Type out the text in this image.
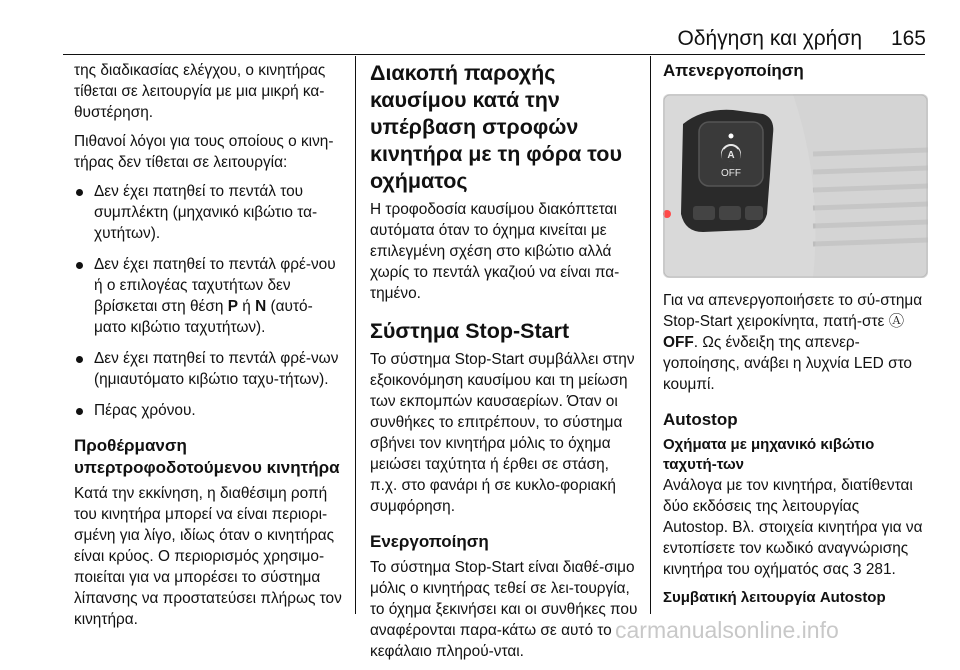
Οδήγηση και χρήση 165

της διαδικασίας ελέγχου, ο κινητήρας τίθεται σε λειτουργία με μια μικρή κα-θυστέρηση.

Πιθανοί λόγοι για τους οποίους ο κινη-τήρας δεν τίθεται σε λειτουργία:

Δεν έχει πατηθεί το πεντάλ του συμπλέκτη (μηχανικό κιβώτιο τα-χυτήτων).
Δεν έχει πατηθεί το πεντάλ φρέ-νου ή ο επιλογέας ταχυτήτων δεν βρίσκεται στη θέση P ή N (αυτό-ματο κιβώτιο ταχυτήτων).
Δεν έχει πατηθεί το πεντάλ φρέ-νων (ημιαυτόματο κιβώτιο ταχυ-τήτων).
Πέρας χρόνου.
Προθέρμανση
υπερτροφοδοτούμενου κινητήρα

Κατά την εκκίνηση, η διαθέσιμη ροπή του κινητήρα μπορεί να είναι περιορι-σμένη για λίγο, ιδίως όταν ο κινητήρας είναι κρύος. Ο περιορισμός χρησιμο-ποιείται για να μπορέσει το σύστημα λίπανσης να προστατεύσει πλήρως τον κινητήρα.

Διακοπή παροχής καυσίμου κατά την υπέρβαση στροφών κινητήρα με τη φόρα του οχήματος

Η τροφοδοσία καυσίμου διακόπτεται αυτόματα όταν το όχημα κινείται με επιλεγμένη σχέση στο κιβώτιο αλλά χωρίς το πεντάλ γκαζιού να είναι πα-τημένο.

Σύστημα Stop-Start

Το σύστημα Stop-Start συμβάλλει στην εξοικονόμηση καυσίμου και τη μείωση των εκπομπών καυσαερίων. Όταν οι συνθήκες το επιτρέπουν, το σύστημα σβήνει τον κινητήρα μόλις το όχημα μειώσει ταχύτητα ή έρθει σε στάση, π.χ. στο φανάρι ή σε κυκλο-φοριακή συμφόρηση.

Ενεργοποίηση

Το σύστημα Stop-Start είναι διαθέ-σιμο μόλις ο κινητήρας τεθεί σε λει-τουργία, το όχημα ξεκινήσει και οι συνθήκες που αναφέρονται παρα-κάτω σε αυτό το κεφάλαιο πληρού-νται.

Απενεργοποίηση
A
OFF

Για να απενεργοποιήσετε το σύ-στημα Stop-Start χειροκίνητα, πατή-στε Ⓐ OFF. Ως ένδειξη της απενερ-γοποίησης, ανάβει η λυχνία LED στο κουμπί.

Autostop
Οχήματα με μηχανικό κιβώτιο ταχυτή-των

Ανάλογα με τον κινητήρα, διατίθενται δύο εκδόσεις της λειτουργίας Autostop. Βλ. στοιχεία κινητήρα για να εντοπίσετε τον κωδικό αναγνώρισης κινητήρα του οχήματός σας 3 281.

Συμβατική λειτουργία Autostop
carmanualsonline.info
